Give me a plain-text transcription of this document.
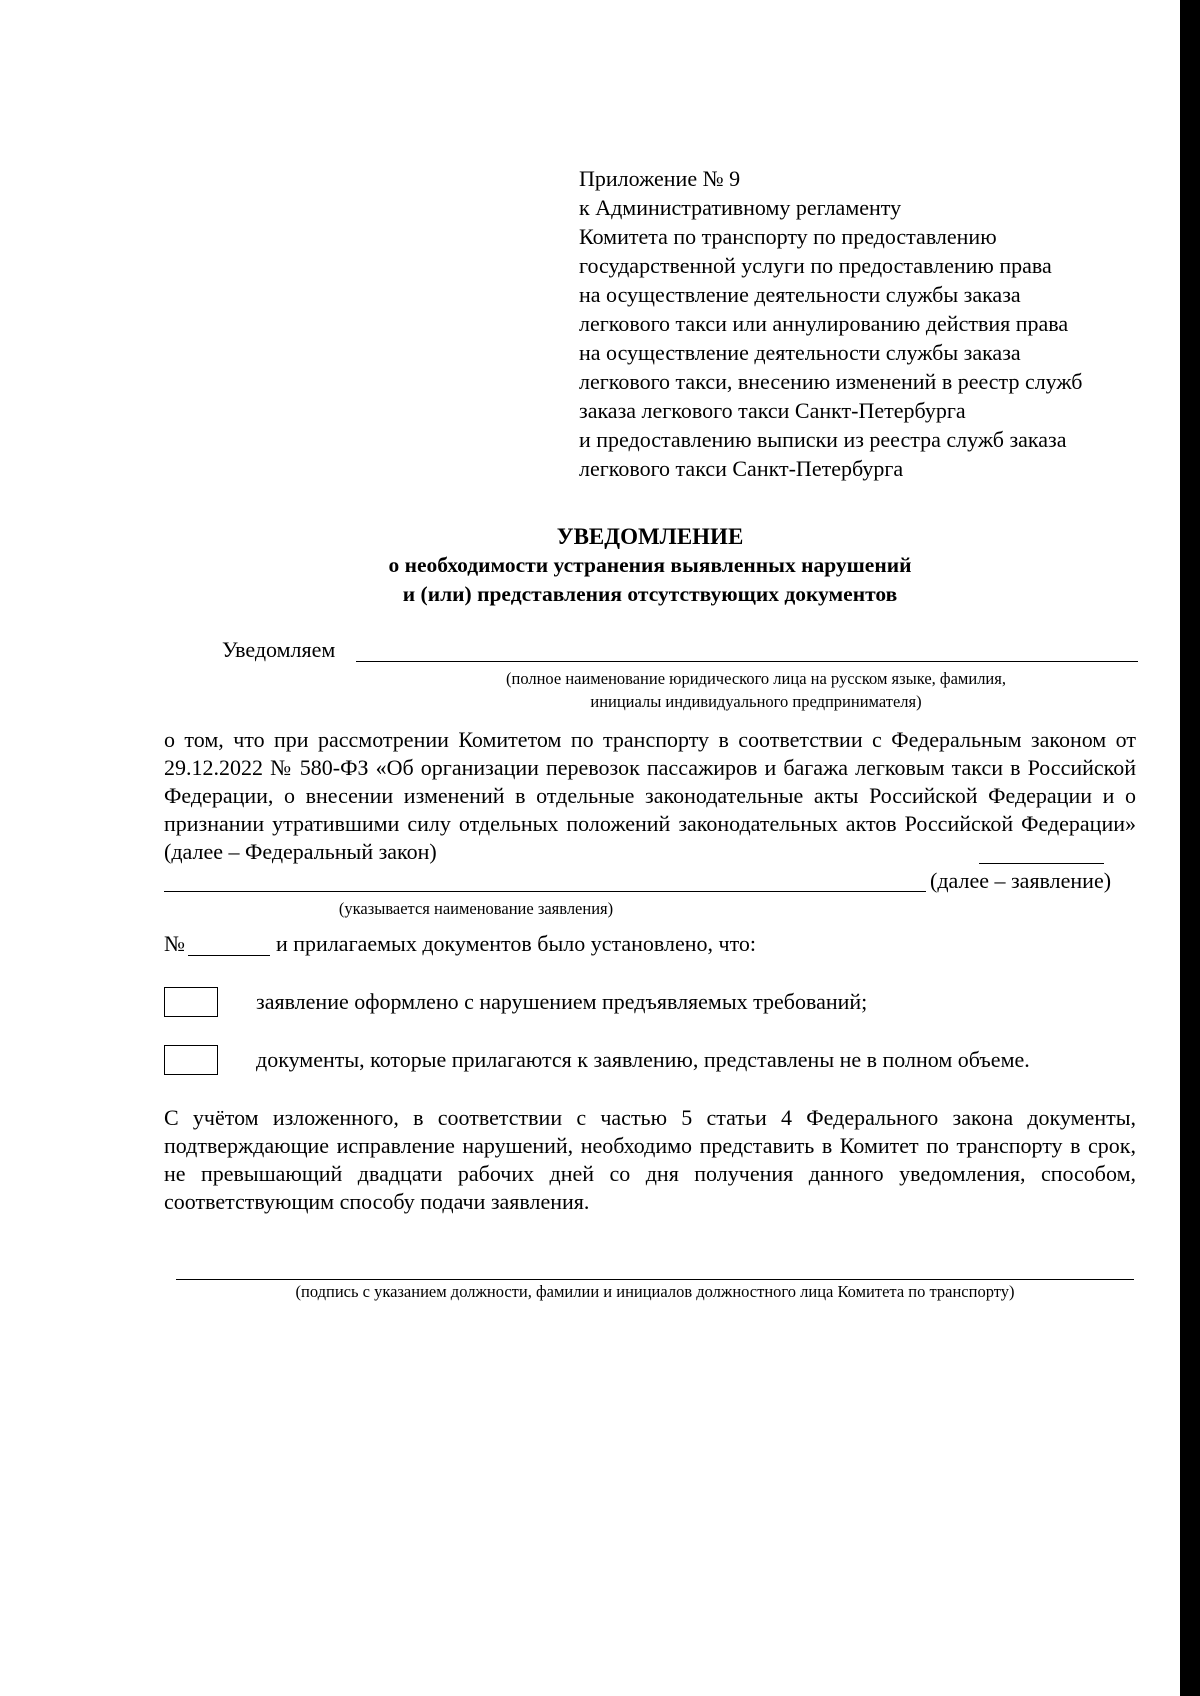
Приложение № 9
к Административному регламенту
Комитета по транспорту по предоставлению
государственной услуги по предоставлению права
на осуществление деятельности службы заказа
легкового такси или аннулированию действия права
на осуществление деятельности службы заказа
легкового такси, внесению изменений в реестр служб
заказа легкового такси Санкт-Петербурга
и предоставлению выписки из реестра служб заказа
легкового такси Санкт-Петербурга
УВЕДОМЛЕНИЕ
о необходимости устранения выявленных нарушений
и (или) представления отсутствующих документов
Уведомляем
(полное наименование юридического лица на русском языке, фамилия,
инициалы индивидуального предпринимателя)
о том, что при рассмотрении Комитетом по транспорту в соответствии с Федеральным законом от 29.12.2022 № 580-ФЗ «Об организации перевозок пассажиров и багажа легковым такси в Российской Федерации, о внесении изменений в отдельные законодательные акты Российской Федерации и о признании утратившими силу отдельных положений законодательных актов Российской Федерации» (далее – Федеральный закон)
(далее – заявление)
(указывается наименование заявления)
№	и прилагаемых документов было установлено, что:
заявление оформлено с нарушением предъявляемых требований;
документы, которые прилагаются к заявлению, представлены не в полном объеме.
С учётом изложенного, в соответствии с частью 5 статьи 4 Федерального закона документы, подтверждающие исправление нарушений, необходимо представить в Комитет по транспорту в срок, не превышающий двадцати рабочих дней со дня получения данного уведомления, способом, соответствующим способу подачи заявления.
(подпись с указанием должности, фамилии и инициалов должностного лица Комитета по транспорту)
